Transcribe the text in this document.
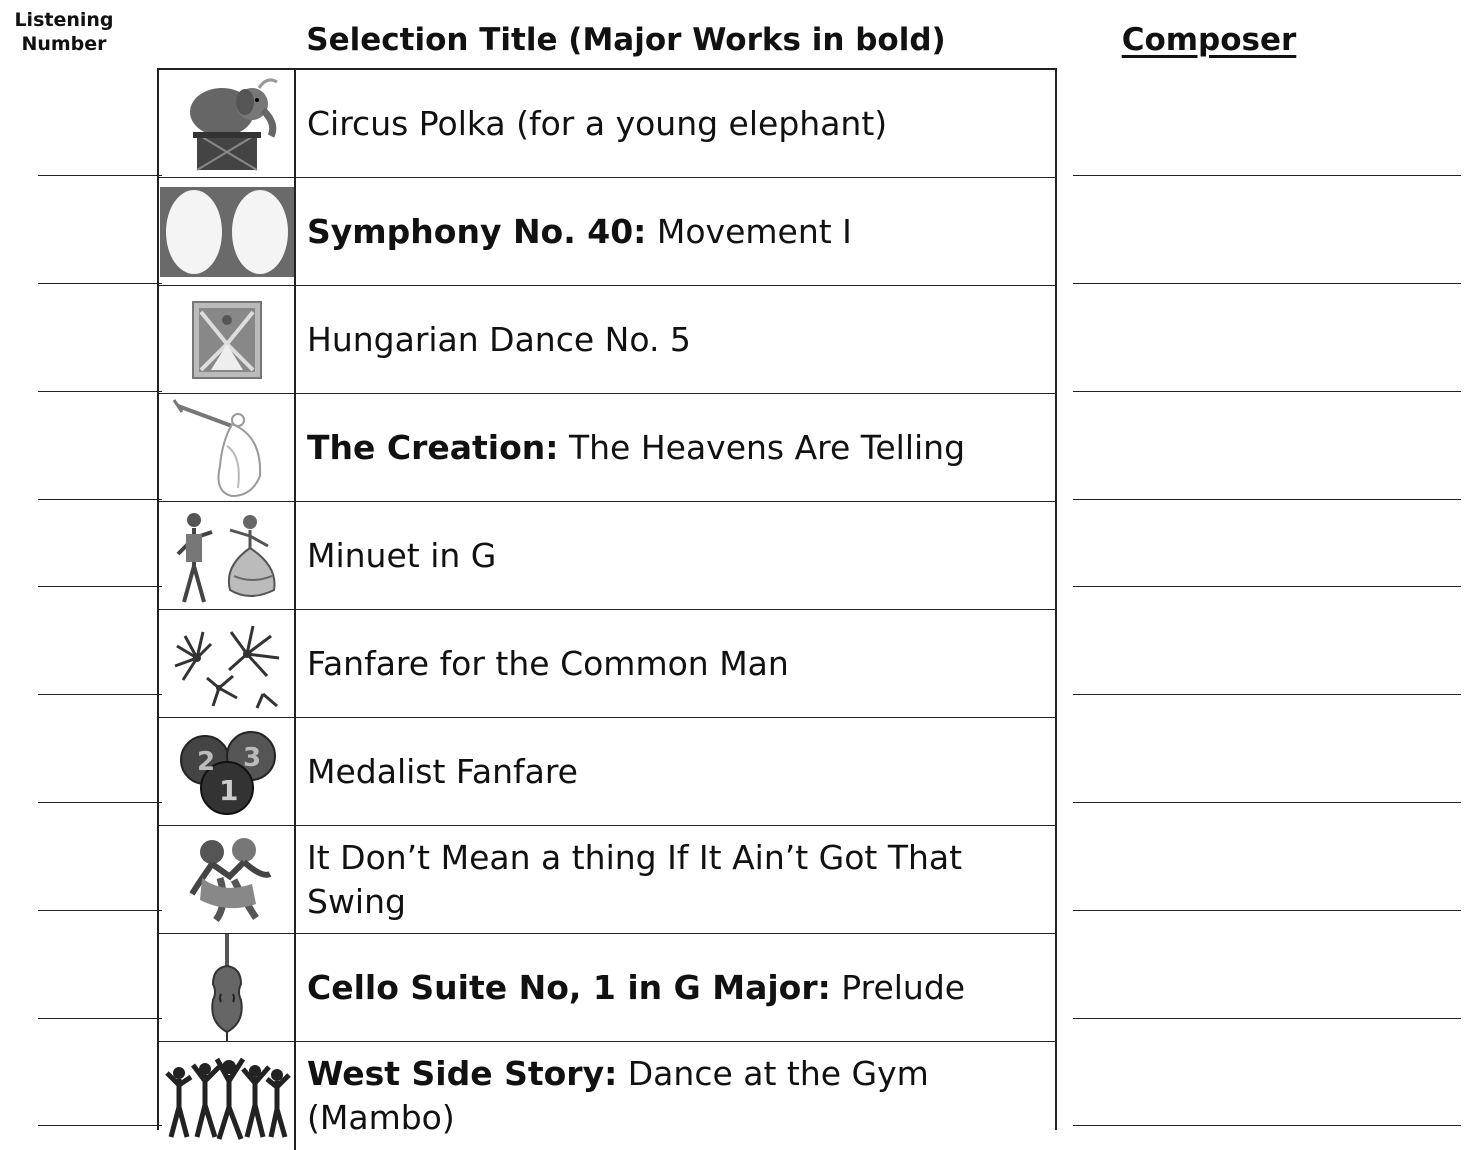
Listening Number	Selection Title (Major Works in bold)	Composer
Circus Polka (for a young elephant)
Symphony No. 40: Movement I
Hungarian Dance No. 5
The Creation: The Heavens Are Telling
Minuet in G
Fanfare for the Common Man
2 3
1 Medalist Fanfare
It Don’t Mean a thing If It Ain’t Got That Swing
Cello Suite No, 1 in G Major: Prelude
West Side Story: Dance at the Gym (Mambo)
